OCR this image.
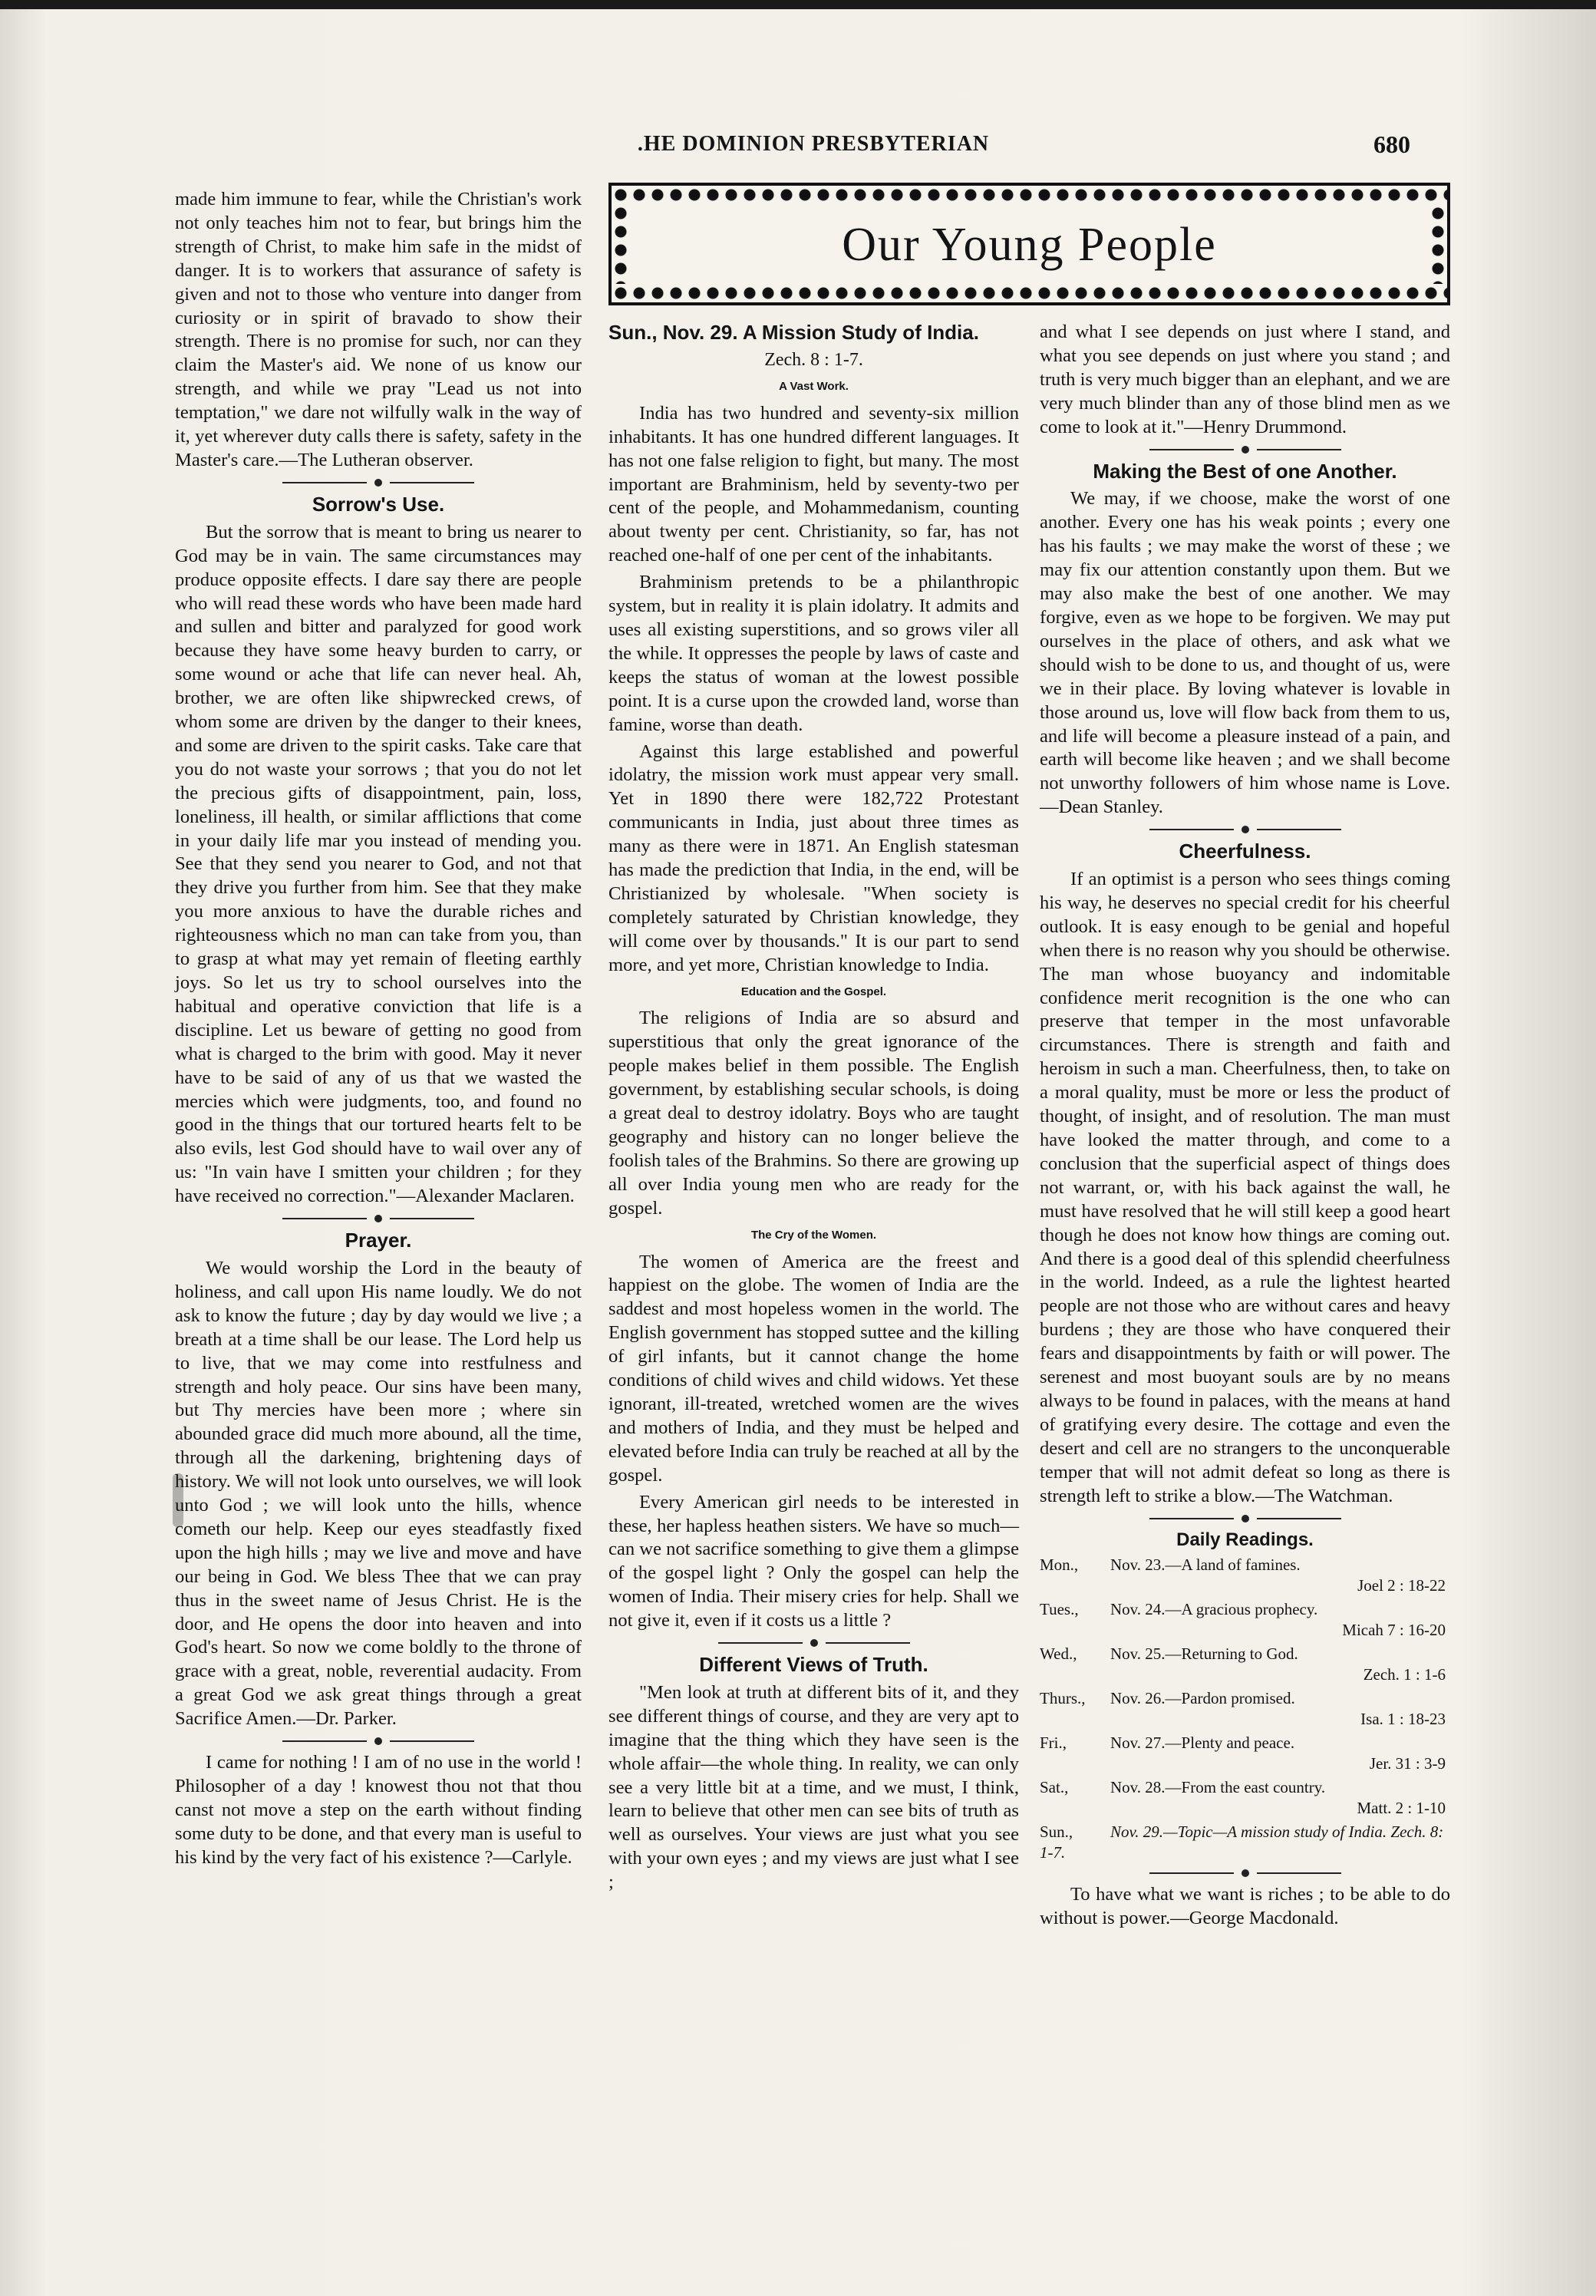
.HE DOMINION PRESBYTERIAN	680

made him immune to fear, while the Christian's work not only teaches him not to fear, but brings him the strength of Christ, to make him safe in the midst of danger. It is to workers that assurance of safety is given and not to those who venture into danger from curiosity or in spirit of bravado to show their strength. There is no promise for such, nor can they claim the Master's aid. We none of us know our strength, and while we pray "Lead us not into temptation," we dare not wilfully walk in the way of it, yet wherever duty calls there is safety, safety in the Master's care.—The Lutheran observer.

Sorrow's Use.

But the sorrow that is meant to bring us nearer to God may be in vain. The same circumstances may produce opposite effects. I dare say there are people who will read these words who have been made hard and sullen and bitter and paralyzed for good work because they have some heavy burden to carry, or some wound or ache that life can never heal. Ah, brother, we are often like shipwrecked crews, of whom some are driven by the danger to their knees, and some are driven to the spirit casks. Take care that you do not waste your sorrows ; that you do not let the precious gifts of disappointment, pain, loss, loneliness, ill health, or similar afflictions that come in your daily life mar you instead of mending you. See that they send you nearer to God, and not that they drive you further from him. See that they make you more anxious to have the durable riches and righteousness which no man can take from you, than to grasp at what may yet remain of fleeting earthly joys. So let us try to school ourselves into the habitual and operative conviction that life is a discipline. Let us beware of getting no good from what is charged to the brim with good. May it never have to be said of any of us that we wasted the mercies which were judgments, too, and found no good in the things that our tortured hearts felt to be also evils, lest God should have to wail over any of us: "In vain have I smitten your children ; for they have received no correction."—Alexander Maclaren.

Prayer.

We would worship the Lord in the beauty of holiness, and call upon His name loudly. We do not ask to know the future ; day by day would we live ; a breath at a time shall be our lease. The Lord help us to live, that we may come into restfulness and strength and holy peace. Our sins have been many, but Thy mercies have been more ; where sin abounded grace did much more abound, all the time, through all the darkening, brightening days of history. We will not look unto ourselves, we will look unto God ; we will look unto the hills, whence cometh our help. Keep our eyes steadfastly fixed upon the high hills ; may we live and move and have our being in God. We bless Thee that we can pray thus in the sweet name of Jesus Christ. He is the door, and He opens the door into heaven and into God's heart. So now we come boldly to the throne of grace with a great, noble, reverential audacity. From a great God we ask great things through a great Sacrifice Amen.—Dr. Parker.

I came for nothing ! I am of no use in the world ! Philosopher of a day ! knowest thou not that thou canst not move a step on the earth without finding some duty to be done, and that every man is useful to his kind by the very fact of his existence ?—Carlyle.

Our Young People
Sun., Nov. 29. A Mission Study of India.
Zech. 8 : 1-7.
A Vast Work.

India has two hundred and seventy-six million inhabitants. It has one hundred different languages. It has not one false religion to fight, but many. The most important are Brahminism, held by seventy-two per cent of the people, and Mohammedanism, counting about twenty per cent. Christianity, so far, has not reached one-half of one per cent of the inhabitants.

Brahminism pretends to be a philanthropic system, but in reality it is plain idolatry. It admits and uses all existing superstitions, and so grows viler all the while. It oppresses the people by laws of caste and keeps the status of woman at the lowest possible point. It is a curse upon the crowded land, worse than famine, worse than death.

Against this large established and powerful idolatry, the mission work must appear very small. Yet in 1890 there were 182,722 Protestant communicants in India, just about three times as many as there were in 1871. An English statesman has made the prediction that India, in the end, will be Christianized by wholesale. "When society is completely saturated by Christian knowledge, they will come over by thousands." It is our part to send more, and yet more, Christian knowledge to India.

Education and the Gospel.

The religions of India are so absurd and superstitious that only the great ignorance of the people makes belief in them possible. The English government, by establishing secular schools, is doing a great deal to destroy idolatry. Boys who are taught geography and history can no longer believe the foolish tales of the Brahmins. So there are growing up all over India young men who are ready for the gospel.

The Cry of the Women.

The women of America are the freest and happiest on the globe. The women of India are the saddest and most hopeless women in the world. The English government has stopped suttee and the killing of girl infants, but it cannot change the home conditions of child wives and child widows. Yet these ignorant, ill-treated, wretched women are the wives and mothers of India, and they must be helped and elevated before India can truly be reached at all by the gospel.

Every American girl needs to be interested in these, her hapless heathen sisters. We have so much—can we not sacrifice something to give them a glimpse of the gospel light ? Only the gospel can help the women of India. Their misery cries for help. Shall we not give it, even if it costs us a little ?

Different Views of Truth.

"Men look at truth at different bits of it, and they see different things of course, and they are very apt to imagine that the thing which they have seen is the whole affair—the whole thing. In reality, we can only see a very little bit at a time, and we must, I think, learn to believe that other men can see bits of truth as well as ourselves. Your views are just what you see with your own eyes ; and my views are just what I see ;

and what I see depends on just where I stand, and what you see depends on just where you stand ; and truth is very much bigger than an elephant, and we are very much blinder than any of those blind men as we come to look at it."—Henry Drummond.

Making the Best of one Another.

We may, if we choose, make the worst of one another. Every one has his weak points ; every one has his faults ; we may make the worst of these ; we may fix our attention constantly upon them. But we may also make the best of one another. We may forgive, even as we hope to be forgiven. We may put ourselves in the place of others, and ask what we should wish to be done to us, and thought of us, were we in their place. By loving whatever is lovable in those around us, love will flow back from them to us, and life will become a pleasure instead of a pain, and earth will become like heaven ; and we shall become not unworthy followers of him whose name is Love.—Dean Stanley.

Cheerfulness.

If an optimist is a person who sees things coming his way, he deserves no special credit for his cheerful outlook. It is easy enough to be genial and hopeful when there is no reason why you should be otherwise. The man whose buoyancy and indomitable confidence merit recognition is the one who can preserve that temper in the most unfavorable circumstances. There is strength and faith and heroism in such a man. Cheerfulness, then, to take on a moral quality, must be more or less the product of thought, of insight, and of resolution. The man must have looked the matter through, and come to a conclusion that the superficial aspect of things does not warrant, or, with his back against the wall, he must have resolved that he will still keep a good heart though he does not know how things are coming out. And there is a good deal of this splendid cheerfulness in the world. Indeed, as a rule the lightest hearted people are not those who are without cares and heavy burdens ; they are those who have conquered their fears and disappointments by faith or will power. The serenest and most buoyant souls are by no means always to be found in palaces, with the means at hand of gratifying every desire. The cottage and even the desert and cell are no strangers to the unconquerable temper that will not admit defeat so long as there is strength left to strike a blow.—The Watchman.

Daily Readings.
Mon., Nov. 23.—A land of famines.
Joel 2 : 18-22
Tues., Nov. 24.—A gracious prophecy.
Micah 7 : 16-20
Wed., Nov. 25.—Returning to God.
Zech. 1 : 1-6
Thurs., Nov. 26.—Pardon promised.
Isa. 1 : 18-23
Fri.,	Nov. 27.—Plenty and peace.
Jer. 31 : 3-9
Sat.,	Nov. 28.—From the east country.
Matt. 2 : 1-10
Sun., Nov. 29.—Topic—A mission study of India. Zech. 8: 1-7.

To have what we want is riches ; to be able to do without is power.—George Macdonald.
